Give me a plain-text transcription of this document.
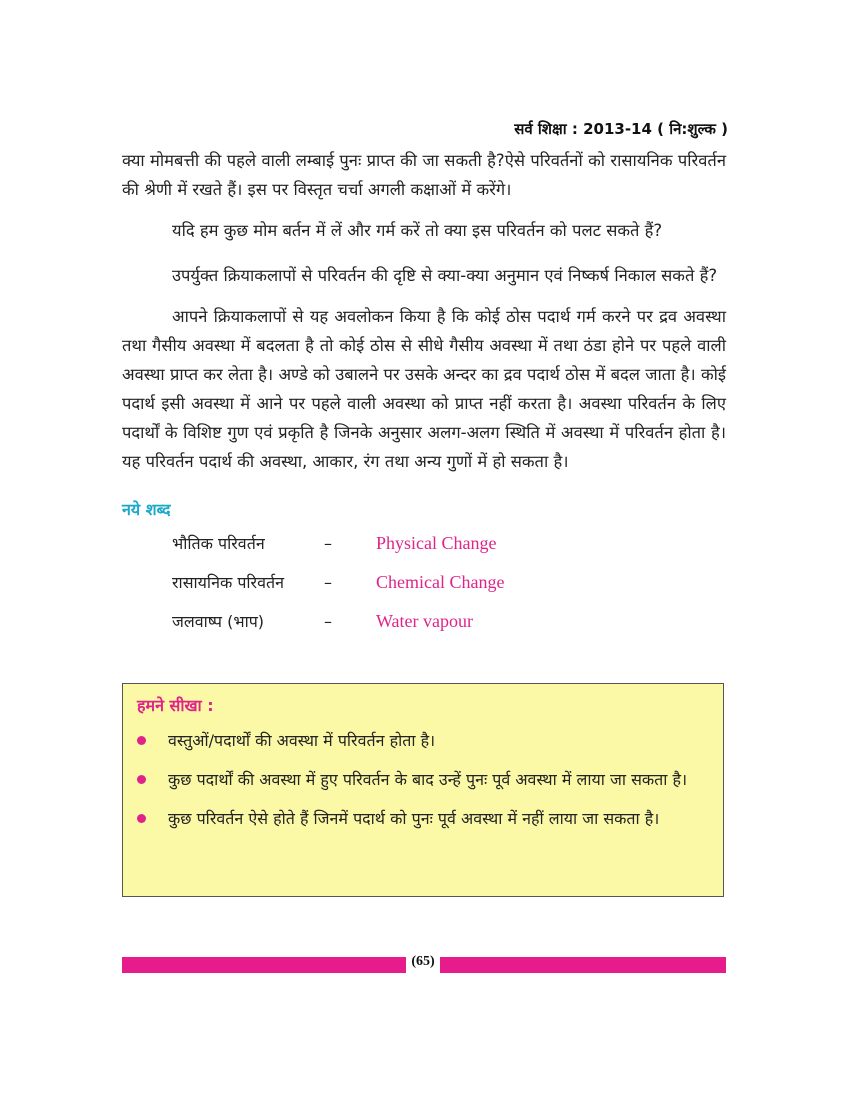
सर्व शिक्षा : 2013-14 ( नि:शुल्क )

क्या मोमबत्ती की पहले वाली लम्बाई पुनः प्राप्त की जा सकती है?ऐसे परिवर्तनों को रासायनिक परिवर्तन की श्रेणी में रखते हैं। इस पर विस्तृत चर्चा अगली कक्षाओं में करेंगे।

यदि हम कुछ मोम बर्तन में लें और गर्म करें तो क्या इस परिवर्तन को पलट सकते हैं?

उपर्युक्त क्रियाकलापों से परिवर्तन की दृष्टि से क्या-क्या अनुमान एवं निष्कर्ष निकाल सकते हैं?

आपने क्रियाकलापों से यह अवलोकन किया है कि कोई ठोस पदार्थ गर्म करने पर द्रव अवस्था तथा गैसीय अवस्था में बदलता है तो कोई ठोस से सीधे गैसीय अवस्था में तथा ठंडा होने पर पहले वाली अवस्था प्राप्त कर लेता है। अण्डे को उबालने पर उसके अन्दर का द्रव पदार्थ ठोस में बदल जाता है। कोई पदार्थ इसी अवस्था में आने पर पहले वाली अवस्था को प्राप्त नहीं करता है। अवस्था परिवर्तन के लिए पदार्थों के विशिष्ट गुण एवं प्रकृति है जिनके अनुसार अलग-अलग स्थिति में अवस्था में परिवर्तन होता है। यह परिवर्तन पदार्थ की अवस्था, आकार, रंग तथा अन्य गुणों में हो सकता है।

नये शब्द
भौतिक परिवर्तन	–	Physical Change
रासायनिक परिवर्तन	–	Chemical Change
जलवाष्प (भाप)	–	Water vapour
हमने सीखा :
वस्तुओं/पदार्थों की अवस्था में परिवर्तन होता है।
कुछ पदार्थों की अवस्था में हुए परिवर्तन के बाद उन्हें पुनः पूर्व अवस्था में लाया जा सकता है।
कुछ परिवर्तन ऐसे होते हैं जिनमें पदार्थ को पुनः पूर्व अवस्था में नहीं लाया जा सकता है।
(65)
